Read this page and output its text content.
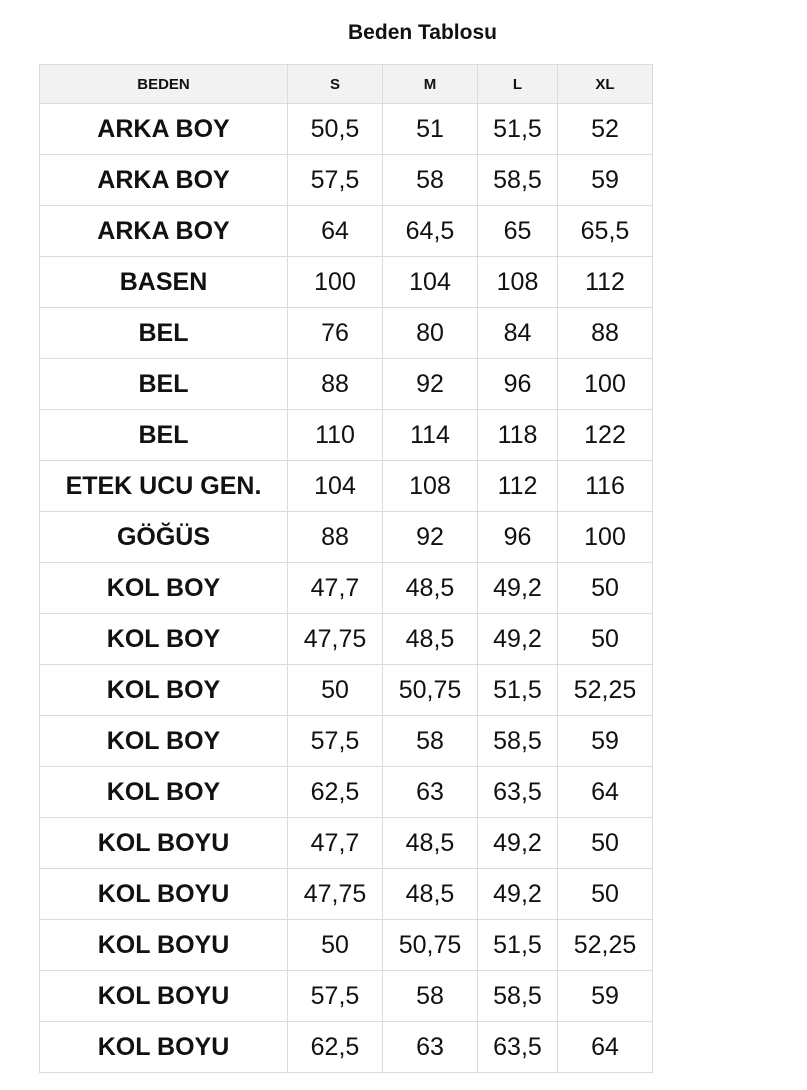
Beden Tablosu
BEDEN	S	M	L	XL
ARKA BOY	50,5	51	51,5	52
ARKA BOY	57,5	58	58,5	59
ARKA BOY	64	64,5	65	65,5
BASEN	100	104	108	112
BEL	76	80	84	88
BEL	88	92	96	100
BEL	110	114	118	122
ETEK UCU GEN.	104	108	112	116
GÖĞÜS	88	92	96	100
KOL BOY	47,7	48,5	49,2	50
KOL BOY	47,75	48,5	49,2	50
KOL BOY	50	50,75	51,5	52,25
KOL BOY	57,5	58	58,5	59
KOL BOY	62,5	63	63,5	64
KOL BOYU	47,7	48,5	49,2	50
KOL BOYU	47,75	48,5	49,2	50
KOL BOYU	50	50,75	51,5	52,25
KOL BOYU	57,5	58	58,5	59
KOL BOYU	62,5	63	63,5	64
